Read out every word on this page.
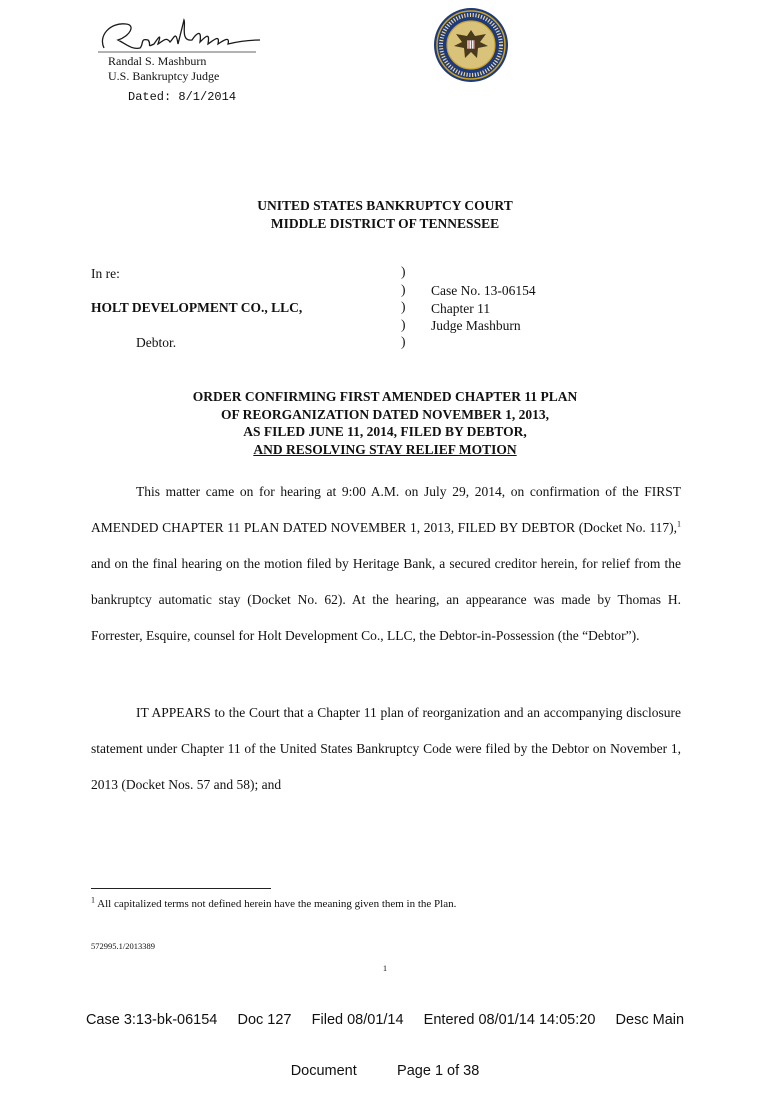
Randal S. Mashburn
U.S. Bankruptcy Judge
Dated: 8/1/2014
UNITED STATES BANKRUPTCY COURT
MIDDLE DISTRICT OF TENNESSEE
In re:
HOLT DEVELOPMENT CO., LLC,
Debtor.
)
)
)
)
)
Case No. 13-06154
Chapter 11
Judge Mashburn
ORDER CONFIRMING FIRST AMENDED CHAPTER 11 PLAN
OF REORGANIZATION DATED NOVEMBER 1, 2013,
AS FILED JUNE 11, 2014, FILED BY DEBTOR,
AND RESOLVING STAY RELIEF MOTION
This matter came on for hearing at 9:00 A.M. on July 29, 2014, on confirmation of the FIRST AMENDED CHAPTER 11 PLAN DATED NOVEMBER 1, 2013, FILED BY DEBTOR (Docket No. 117),$^1$ and on the final hearing on the motion filed by Heritage Bank, a secured creditor herein, for relief from the bankruptcy automatic stay (Docket No. 62). At the hearing, an appearance was made by Thomas H. Forrester, Esquire, counsel for Holt Development Co., LLC, the Debtor-in-Possession (the “Debtor”).
IT APPEARS to the Court that a Chapter 11 plan of reorganization and an accompanying disclosure statement under Chapter 11 of the United States Bankruptcy Code were filed by the Debtor on November 1, 2013 (Docket Nos. 57 and 58); and
$^1$ All capitalized terms not defined herein have the meaning given them in the Plan.
572995.1/2013389
1

Case 3:13-bk-06154     Doc 127     Filed 08/01/14     Entered 08/01/14 14:05:20     Desc Main

Document          Page 1 of 38
